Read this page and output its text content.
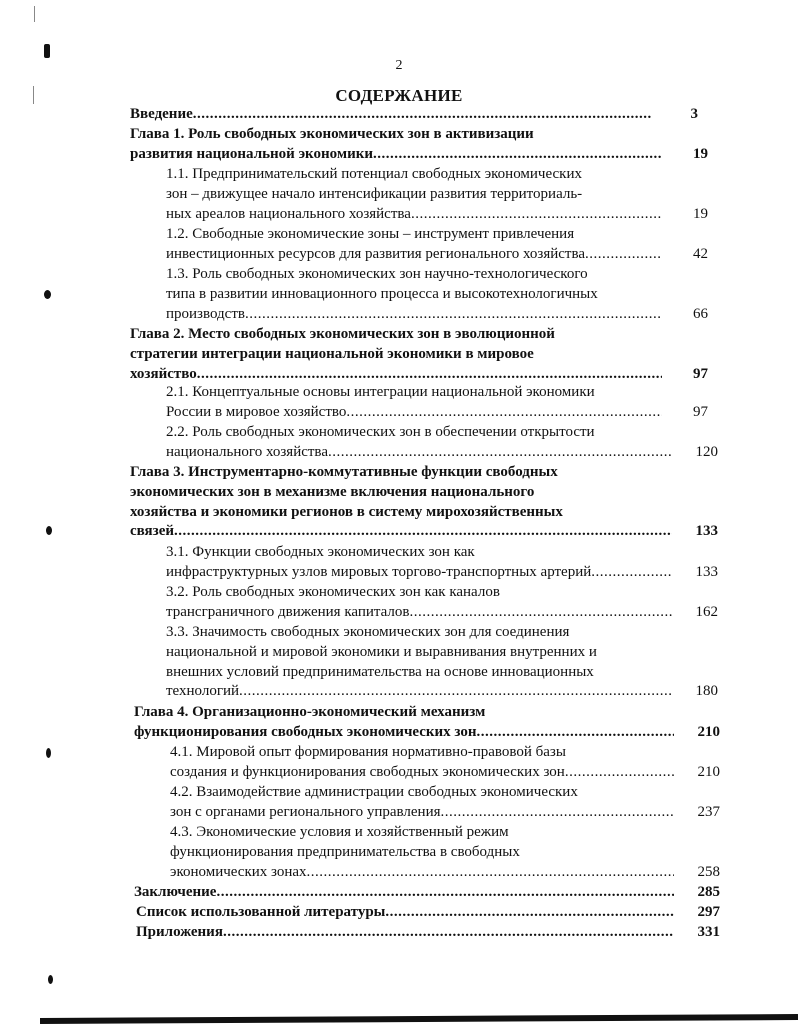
2
СОДЕРЖАНИЕ
Введение .....	3
Глава 1. Роль свободных экономических зон в активизации
развития национальной экономики .....	19
1.1. Предпринимательский потенциал свободных экономических
зон – движущее начало интенсификации развития территориаль-
ных ареалов национального хозяйства .....	19
1.2. Свободные экономические зоны – инструмент привлечения
инвестиционных ресурсов для развития регионального хозяйства .....	42
1.3. Роль свободных экономических зон научно-технологического
типа в развитии инновационного процесса и высокотехнологичных
производств .....	66
Глава 2. Место свободных экономических зон в эволюционной
стратегии интеграции национальной экономики в мировое
хозяйство .....	97
2.1. Концептуальные основы интеграции национальной экономики
России в мировое хозяйство .....	97
2.2. Роль свободных экономических зон в обеспечении открытости
национального хозяйства .....	120
Глава 3. Инструментарно-коммутативные функции свободных
экономических зон в механизме включения национального
хозяйства и экономики регионов в систему мирохозяйственных
связей .....	133
3.1. Функции свободных экономических зон как
инфраструктурных узлов мировых торгово-транспортных артерий .....	133
3.2. Роль свободных экономических зон как каналов
трансграничного движения капиталов .....	162
3.3. Значимость свободных экономических зон для соединения
национальной и мировой экономики и выравнивания внутренних и
внешних условий предпринимательства на основе инновационных
технологий .....	180
Глава 4. Организационно-экономический механизм
функционирования свободных экономических зон .....	210
4.1. Мировой опыт формирования нормативно-правовой базы
создания и функционирования свободных экономических зон .....	210
4.2. Взаимодействие администрации свободных экономических
зон с органами регионального управления .....	237
4.3. Экономические условия и хозяйственный режим
функционирования предпринимательства в свободных
экономических зонах .....	258
Заключение .....	285
Список использованной литературы .....	297
Приложения .....	331
